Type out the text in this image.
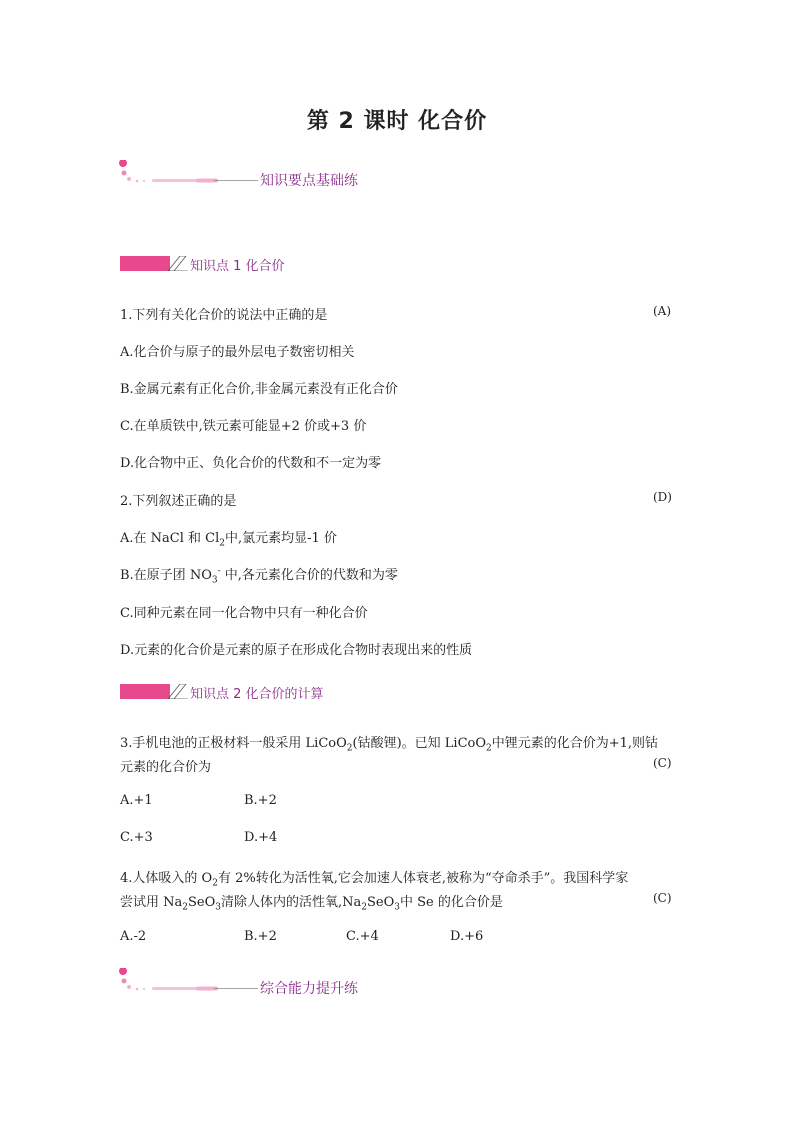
第 2 课时 化合价
知识要点基础练
知识点 1 化合价
1.下列有关化合价的说法中正确的是	(A)
A.化合价与原子的最外层电子数密切相关
B.金属元素有正化合价,非金属元素没有正化合价
C.在单质铁中,铁元素可能显+2 价或+3 价
D.化合物中正、负化合价的代数和不一定为零
2.下列叙述正确的是	(D)
A.在 NaCl 和 $Cl_2$中,氯元素均显-1 价
B.在原子团 $NO_3^-$ 中,各元素化合价的代数和为零
C.同种元素在同一化合物中只有一种化合价
D.元素的化合价是元素的原子在形成化合物时表现出来的性质
知识点 2 化合价的计算
3.手机电池的正极材料一般采用 LiCoO$_2$(钴酸锂)。已知 LiCoO$_2$中锂元素的化合价为+1,则钴
元素的化合价为	(C)
A.+1	B.+2
C.+3	D.+4
4.人体吸入的 $O_2$有 2%转化为活性氧,它会加速人体衰老,被称为“夺命杀手”。我国科学家
尝试用 $Na_2SeO_3$清除人体内的活性氧$,Na_2SeO_3$中 Se 的化合价是	(C)
A.-2	B.+2	C.+4	D.+6
综合能力提升练
